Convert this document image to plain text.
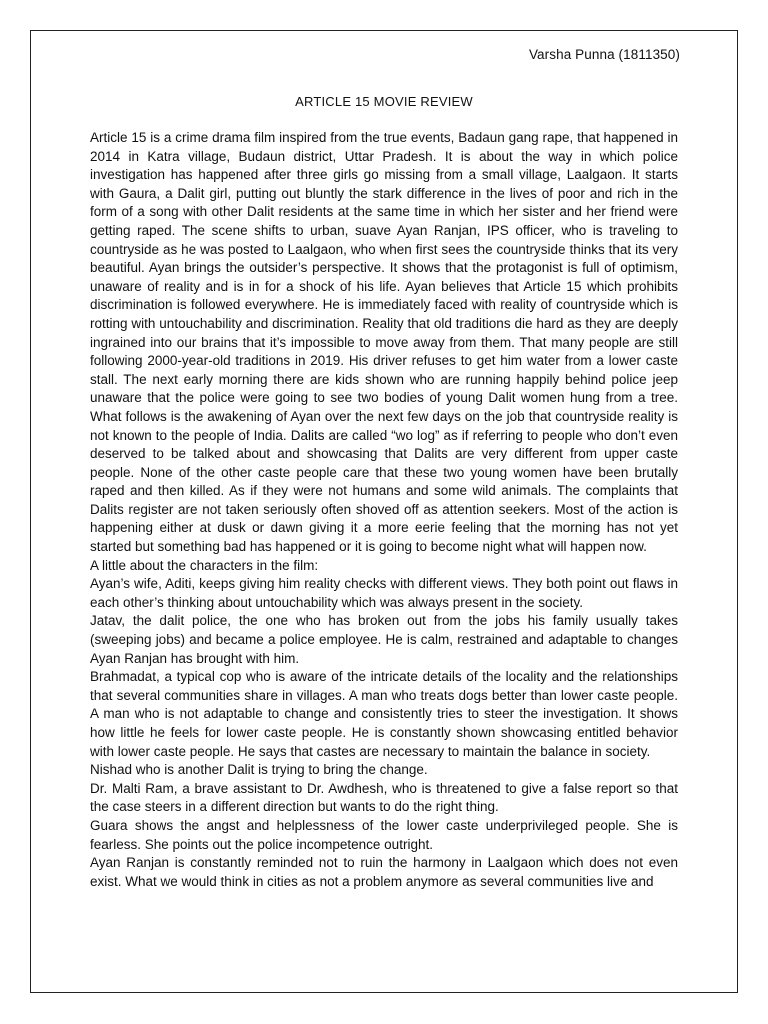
Varsha Punna (1811350)
ARTICLE 15 MOVIE REVIEW

Article 15 is a crime drama film inspired from the true events, Badaun gang rape, that happened in 2014 in Katra village, Budaun district, Uttar Pradesh. It is about the way in which police investigation has happened after three girls go missing from a small village, Laalgaon. It starts with Gaura, a Dalit girl, putting out bluntly the stark difference in the lives of poor and rich in the form of a song with other Dalit residents at the same time in which her sister and her friend were getting raped. The scene shifts to urban, suave Ayan Ranjan, IPS officer, who is traveling to countryside as he was posted to Laalgaon, who when first sees the countryside thinks that its very beautiful. Ayan brings the outsider’s perspective. It shows that the protagonist is full of optimism, unaware of reality and is in for a shock of his life. Ayan believes that Article 15 which prohibits discrimination is followed everywhere. He is immediately faced with reality of countryside which is rotting with untouchability and discrimination. Reality that old traditions die hard as they are deeply ingrained into our brains that it’s impossible to move away from them. That many people are still following 2000-year-old traditions in 2019. His driver refuses to get him water from a lower caste stall. The next early morning there are kids shown who are running happily behind police jeep unaware that the police were going to see two bodies of young Dalit women hung from a tree. What follows is the awakening of Ayan over the next few days on the job that countryside reality is not known to the people of India. Dalits are called “wo log” as if referring to people who don’t even deserved to be talked about and showcasing that Dalits are very different from upper caste people. None of the other caste people care that these two young women have been brutally raped and then killed. As if they were not humans and some wild animals. The complaints that Dalits register are not taken seriously often shoved off as attention seekers. Most of the action is happening either at dusk or dawn giving it a more eerie feeling that the morning has not yet started but something bad has happened or it is going to become night what will happen now.

A little about the characters in the film:

Ayan’s wife, Aditi, keeps giving him reality checks with different views. They both point out flaws in each other’s thinking about untouchability which was always present in the society.

Jatav, the dalit police, the one who has broken out from the jobs his family usually takes (sweeping jobs) and became a police employee. He is calm, restrained and adaptable to changes Ayan Ranjan has brought with him.

Brahmadat, a typical cop who is aware of the intricate details of the locality and the relationships that several communities share in villages. A man who treats dogs better than lower caste people. A man who is not adaptable to change and consistently tries to steer the investigation. It shows how little he feels for lower caste people. He is constantly shown showcasing entitled behavior with lower caste people. He says that castes are necessary to maintain the balance in society.

Nishad who is another Dalit is trying to bring the change.

Dr. Malti Ram, a brave assistant to Dr. Awdhesh, who is threatened to give a false report so that the case steers in a different direction but wants to do the right thing.

Guara shows the angst and helplessness of the lower caste underprivileged people. She is fearless. She points out the police incompetence outright.

Ayan Ranjan is constantly reminded not to ruin the harmony in Laalgaon which does not even exist. What we would think in cities as not a problem anymore as several communities live and
